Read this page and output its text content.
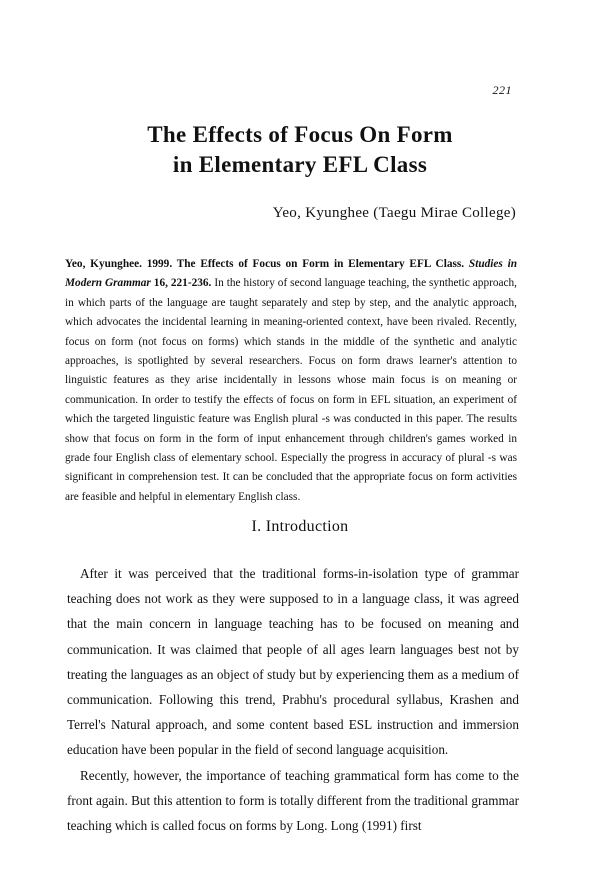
221
The Effects of Focus On Form
in Elementary EFL Class
Yeo, Kyunghee (Taegu Mirae College)
Yeo, Kyunghee. 1999. The Effects of Focus on Form in Elementary EFL Class. Studies in Modern Grammar 16, 221-236. In the history of second language teaching, the synthetic approach, in which parts of the language are taught separately and step by step, and the analytic approach, which advocates the incidental learning in meaning-oriented context, have been rivaled. Recently, focus on form (not focus on forms) which stands in the middle of the synthetic and analytic approaches, is spotlighted by several researchers. Focus on form draws learner's attention to linguistic features as they arise incidentally in lessons whose main focus is on meaning or communication. In order to testify the effects of focus on form in EFL situation, an experiment of which the targeted linguistic feature was English plural -s was conducted in this paper. The results show that focus on form in the form of input enhancement through children's games worked in grade four English class of elementary school. Especially the progress in accuracy of plural -s was significant in comprehension test. It can be concluded that the appropriate focus on form activities are feasible and helpful in elementary English class.
I. Introduction

After it was perceived that the traditional forms-in-isolation type of grammar teaching does not work as they were supposed to in a language class, it was agreed that the main concern in language teaching has to be focused on meaning and communication. It was claimed that people of all ages learn languages best not by treating the languages as an object of study but by experiencing them as a medium of communication. Following this trend, Prabhu's procedural syllabus, Krashen and Terrel's Natural approach, and some content based ESL instruction and immersion education have been popular in the field of second language acquisition.

Recently, however, the importance of teaching grammatical form has come to the front again. But this attention to form is totally different from the traditional grammar teaching which is called focus on forms by Long. Long (1991) first
